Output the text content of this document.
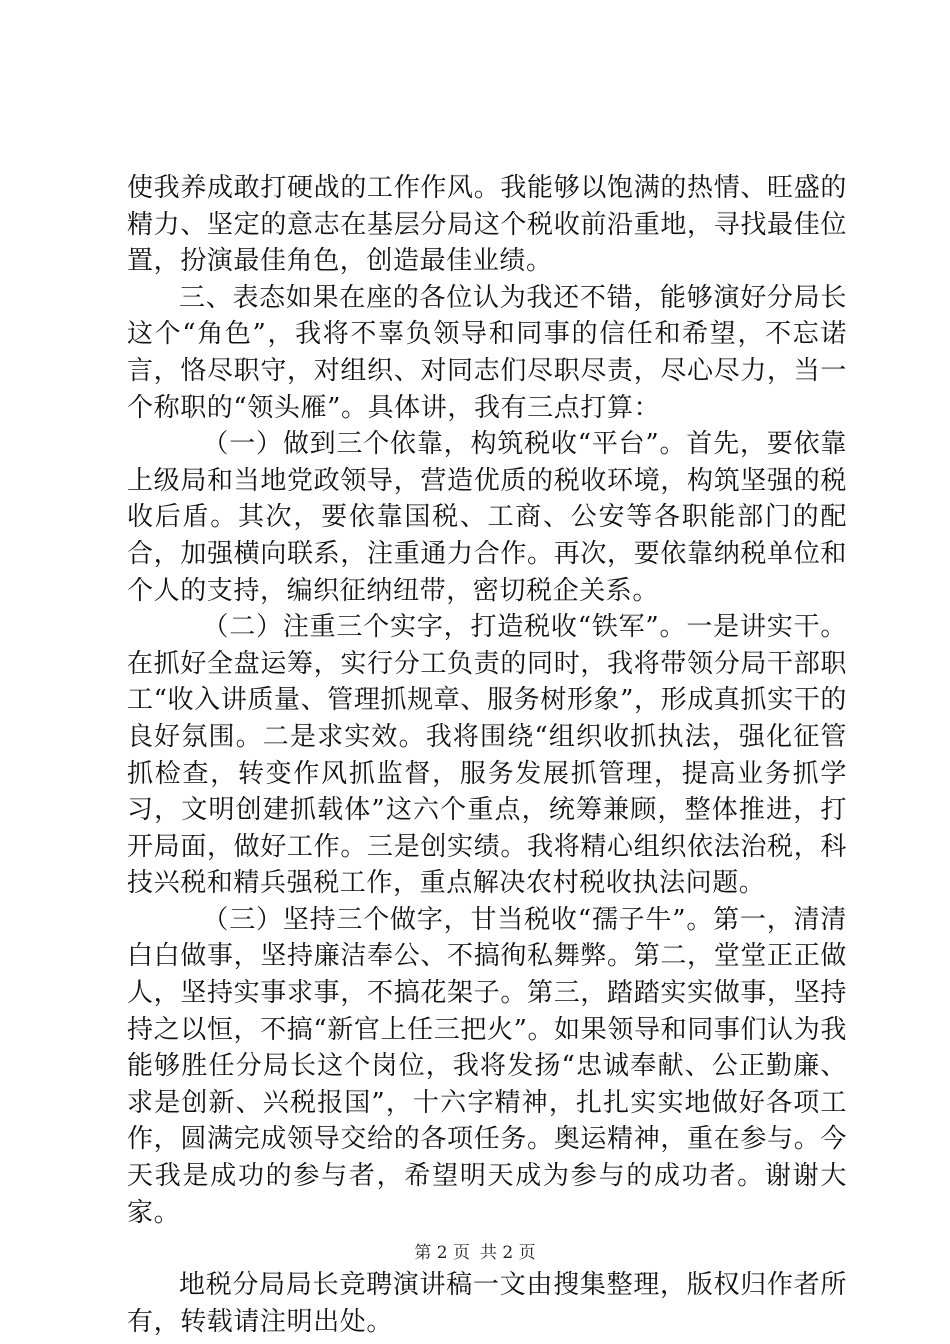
使我养成敢打硬战的工作作风。我能够以饱满的热情、旺盛的精力、坚定的意志在基层分局这个税收前沿重地，寻找最佳位置，扮演最佳角色，创造最佳业绩。

三、表态如果在座的各位认为我还不错，能够演好分局长这个“角色”，我将不辜负领导和同事的信任和希望，不忘诺言，恪尽职守，对组织、对同志们尽职尽责，尽心尽力，当一个称职的“领头雁”。具体讲，我有三点打算：

（一）做到三个依靠，构筑税收“平台”。首先，要依靠上级局和当地党政领导，营造优质的税收环境，构筑坚强的税收后盾。其次，要依靠国税、工商、公安等各职能部门的配合，加强横向联系，注重通力合作。再次，要依靠纳税单位和个人的支持，编织征纳纽带，密切税企关系。

（二）注重三个实字，打造税收“铁军”。一是讲实干。在抓好全盘运筹，实行分工负责的同时，我将带领分局干部职工“收入讲质量、管理抓规章、服务树形象”，形成真抓实干的良好氛围。二是求实效。我将围绕“组织收抓执法，强化征管抓检查，转变作风抓监督，服务发展抓管理，提高业务抓学习，文明创建抓载体”这六个重点，统筹兼顾，整体推进，打开局面，做好工作。三是创实绩。我将精心组织依法治税，科技兴税和精兵强税工作，重点解决农村税收执法问题。

（三）坚持三个做字，甘当税收“孺子牛”。第一，清清白白做事，坚持廉洁奉公、不搞徇私舞弊。第二，堂堂正正做人，坚持实事求事，不搞花架子。第三，踏踏实实做事，坚持持之以恒，不搞“新官上任三把火”。如果领导和同事们认为我能够胜任分局长这个岗位，我将发扬“忠诚奉献、公正勤廉、求是创新、兴税报国”，十六字精神，扎扎实实地做好各项工作，圆满完成领导交给的各项任务。奥运精神，重在参与。今天我是成功的参与者，希望明天成为参与的成功者。谢谢大家。

地税分局局长竞聘演讲稿一文由搜集整理，版权归作者所有，转载请注明出处。

第 2 页 共 2 页
